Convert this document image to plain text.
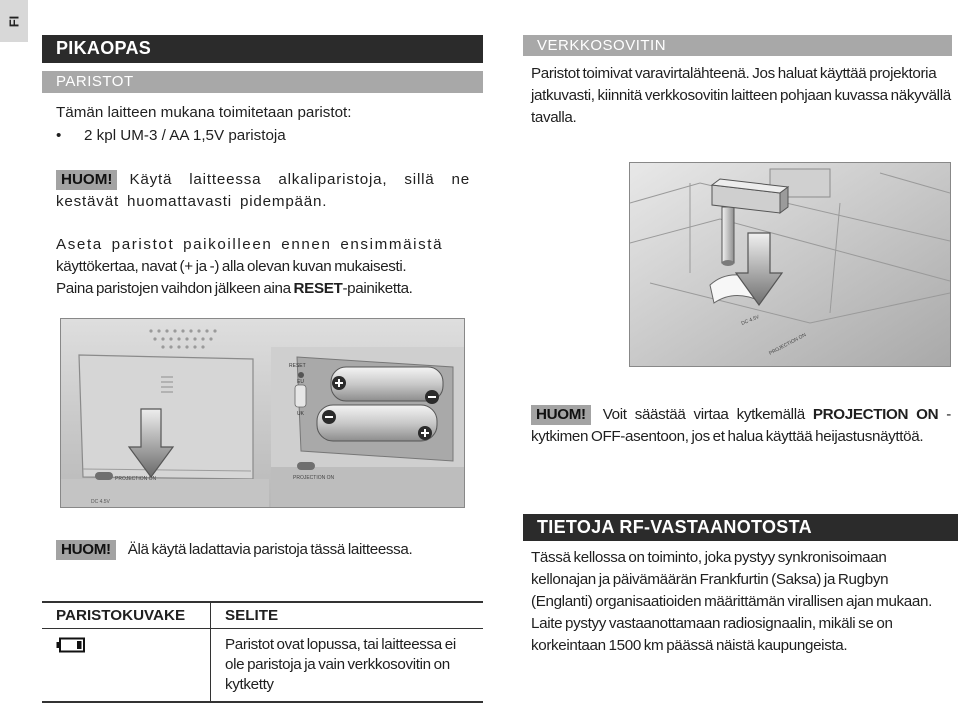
FI
PIKAOPAS
PARISTOT

Tämän laitteen mukana toimitetaan paristot:

• 2 kpl UM-3 / AA 1,5V paristoja

HUOM! Käytä laitteessa alkaliparistoja, sillä ne kestävät huomattavasti pidempään.

Aseta paristot paikoilleen ennen ensimmäistä

käyttökertaa, navat (+ ja -) alla olevan kuvan mukaisesti.

Paina paristojen vaihdon jälkeen aina RESET-painiketta.

PROJECTION ON
DC 4.5V
RESET
EU
UK
PROJECTION ON

HUOM! Älä käytä ladattavia paristoja tässä laitteessa.

PARISTOKUVAKE	SELITE

	Paristot ovat lopussa, tai laitteessa ei ole paristoja ja vain verkkosovitin on kytketty
VERKKOSOVITIN

Paristot toimivat varavirtalähteenä. Jos haluat käyttää projektoria jatkuvasti, kiinnitä verkkosovitin laitteen pohjaan kuvassa näkyvällä tavalla.

DC 4.5V
PROJECTION ON

HUOM! Voit säästää virtaa kytkemällä PROJECTION ON -kytkimen OFF-asentoon, jos et halua käyttää heijastusnäyttöä.

TIETOJA RF-VASTAANOTOSTA

Tässä kellossa on toiminto, joka pystyy synkronisoimaan kellonajan ja päivämäärän Frankfurtin (Saksa) ja Rugbyn (Englanti) organisaatioiden määrittämän virallisen ajan mukaan. Laite pystyy vastaanottamaan radiosignaalin, mikäli se on korkeintaan 1500 km päässä näistä kaupungeista.
